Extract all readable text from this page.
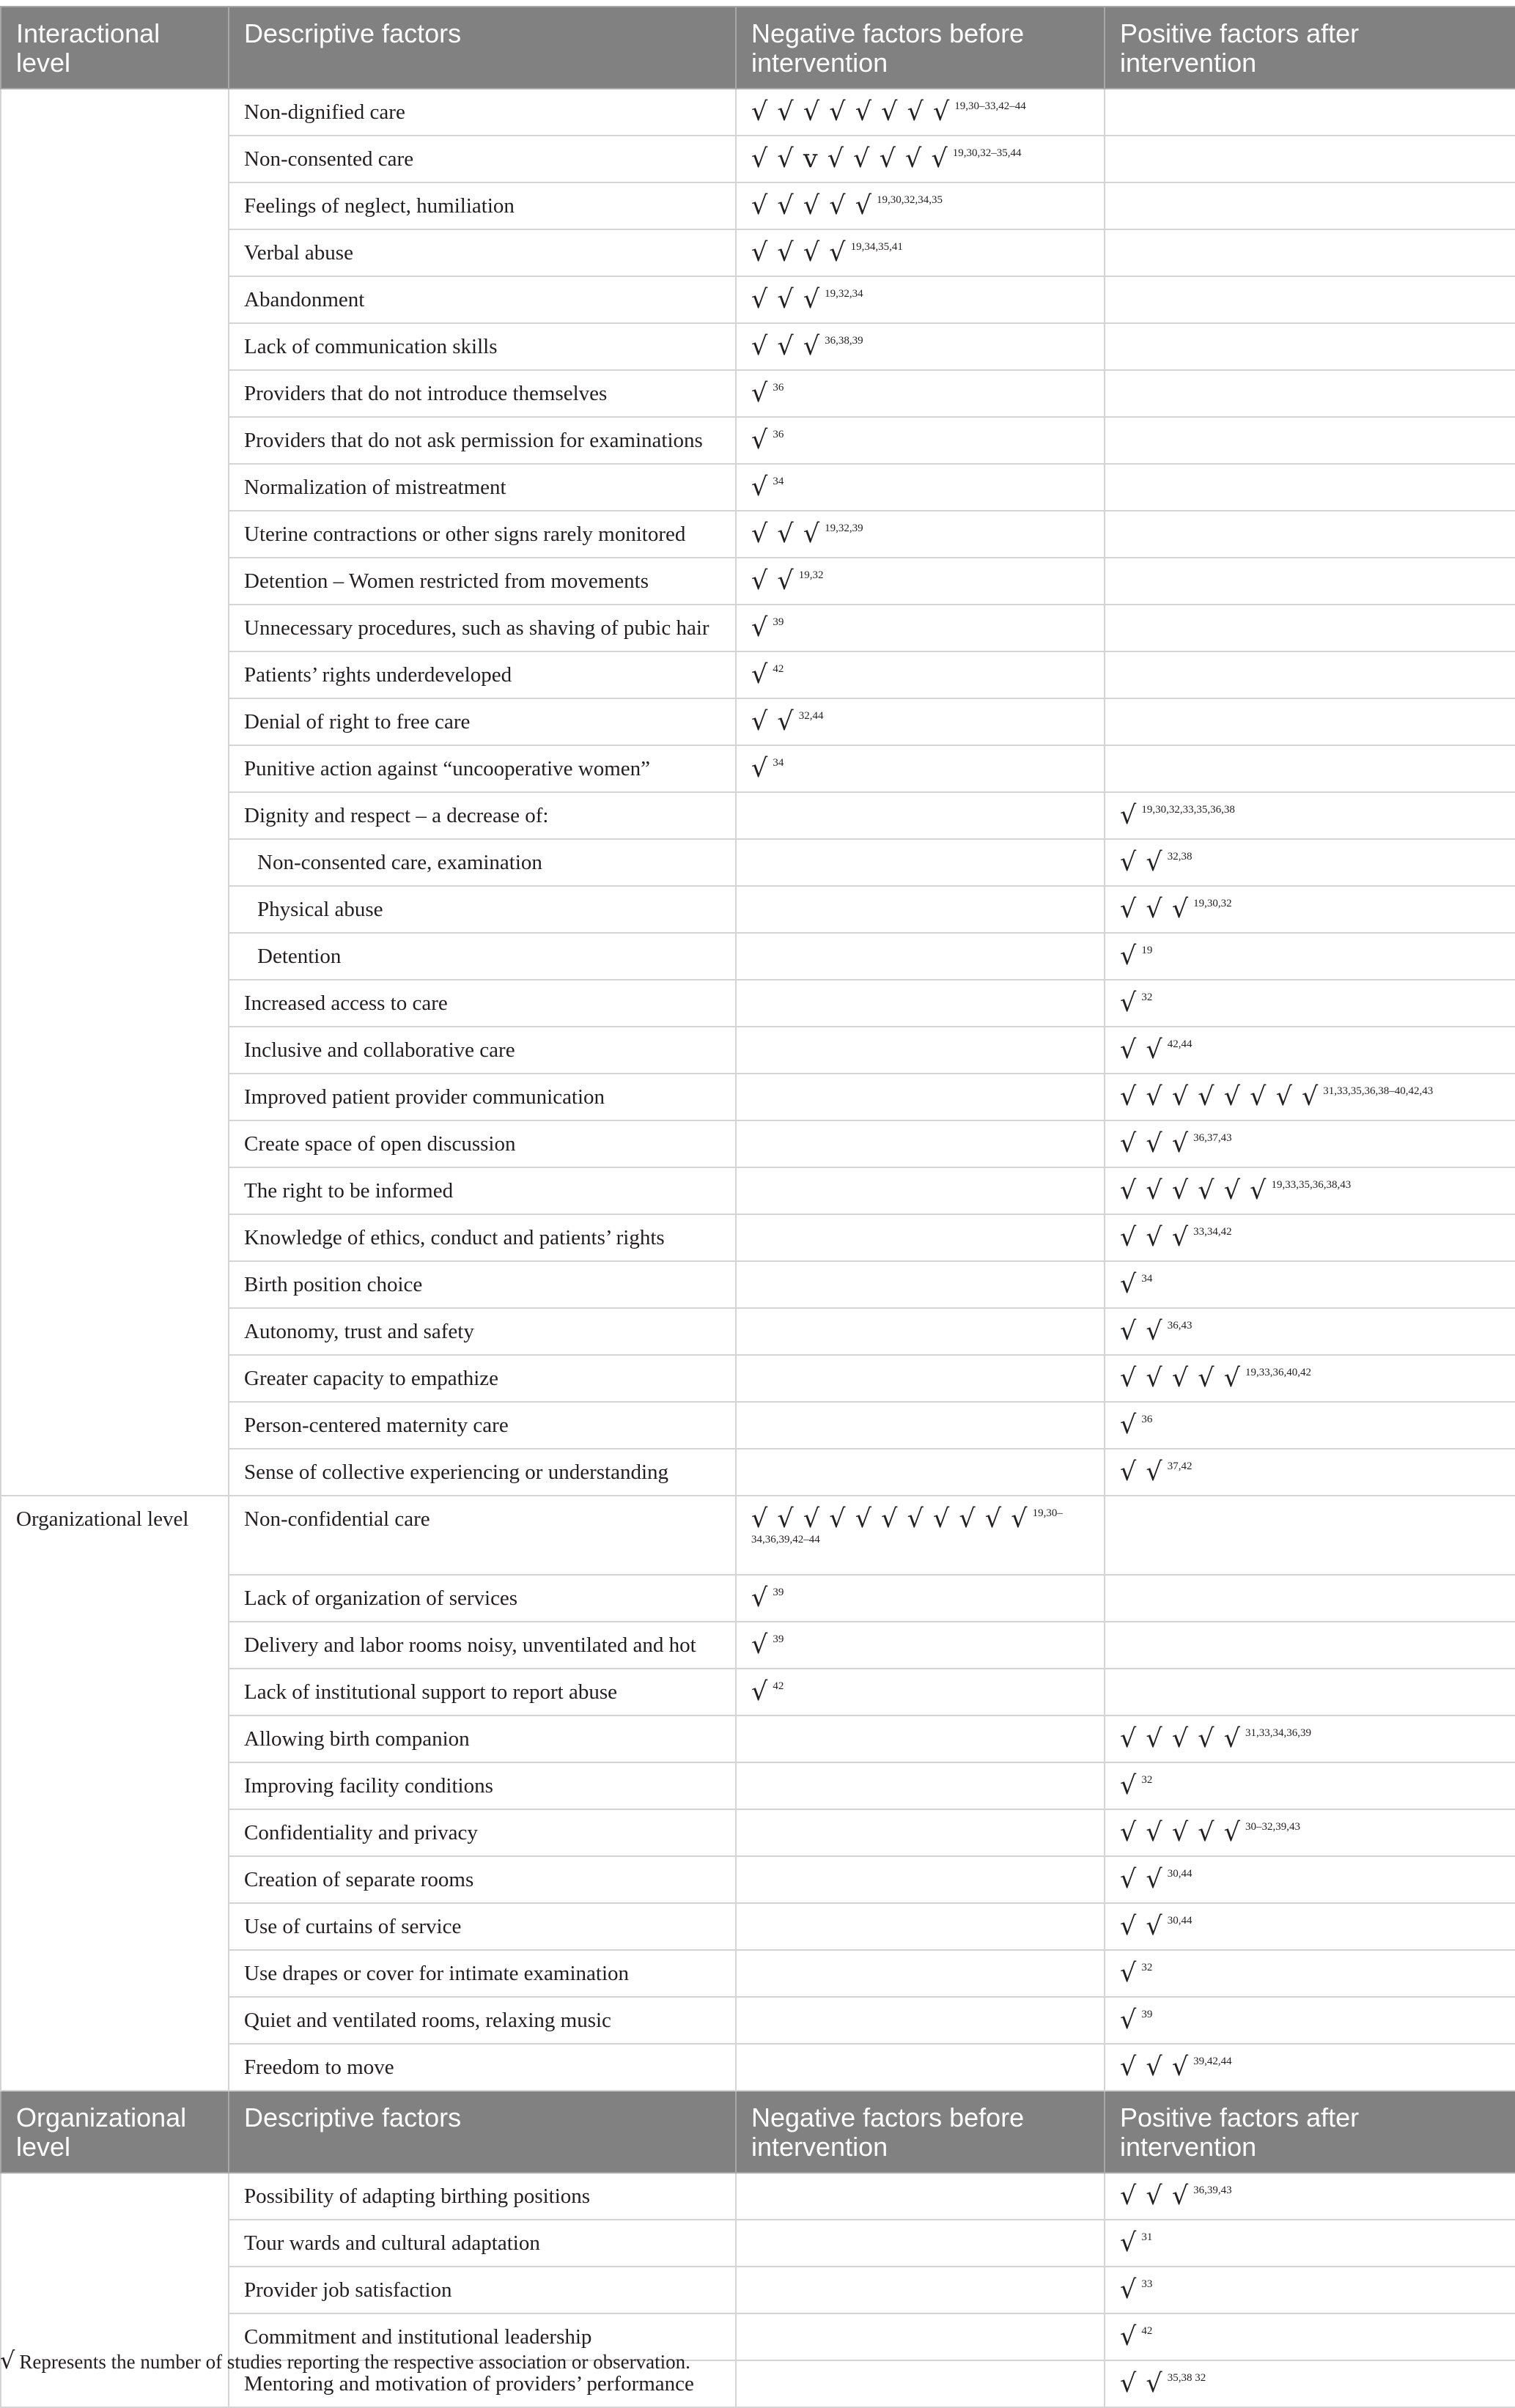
Interactional level	Descriptive factors	Negative factors before intervention	Positive factors after intervention
	Non-dignified care	√ √ √ √ √ √ √ √ $^{19,30-33,42-44}$	
	Non-consented care	√ √ v √ √ √ √ √ $^{19,30,32-35,44}$	
	Feelings of neglect, humiliation	√ √ √ √ √ $^{19,30,32,34,35}$	
	Verbal abuse	√ √ √ √ $^{19,34,35,41}$	
	Abandonment	√ √ √ $^{19,32,34}$	
	Lack of communication skills	√ √ √ $^{36,38,39}$	
	Providers that do not introduce themselves	√ $^{36}$	
	Providers that do not ask permission for examinations	√ $^{36}$	
	Normalization of mistreatment	√ $^{34}$	
	Uterine contractions or other signs rarely monitored	√ √ √ $^{19,32,39}$	
	Detention – Women restricted from movements	√ √ $^{19,32}$	
	Unnecessary procedures, such as shaving of pubic hair	√ $^{39}$	
	Patients’ rights underdeveloped	√ $^{42}$	
	Denial of right to free care	√ √ $^{32,44}$	
	Punitive action against “uncooperative women”	√ $^{34}$	
	Dignity and respect – a decrease of:		√ $^{19,30,32,33,35,36,38}$
	Non-consented care, examination		√ √ $^{32,38}$
	Physical abuse		√ √ √ $^{19,30,32}$
	Detention		√ $^{19}$
	Increased access to care		√ $^{32}$
	Inclusive and collaborative care		√ √ $^{42,44}$
	Improved patient provider communication		√ √ √ √ √ √ √ √ $^{31,33,35,36,38-40,42,43}$
	Create space of open discussion		√ √ √ $^{36,37,43}$
	The right to be informed		√ √ √ √ √ √ $^{19,33,35,36,38,43}$
	Knowledge of ethics, conduct and patients’ rights		√ √ √ $^{33,34,42}$
	Birth position choice		√ $^{34}$
	Autonomy, trust and safety		√ √ $^{36,43}$
	Greater capacity to empathize		√ √ √ √ √ $^{19,33,36,40,42}$
	Person-centered maternity care		√ $^{36}$
	Sense of collective experiencing or understanding		√ √ $^{37,42}$
Organizational level	Non-confidential care	√ √ √ √ √ √ √ √ √ √ √ $^{19,30-34,36,39,42-44}$	
	Lack of organization of services	√ $^{39}$	
	Delivery and labor rooms noisy, unventilated and hot	√ $^{39}$	
	Lack of institutional support to report abuse	√ $^{42}$	
	Allowing birth companion		√ √ √ √ √ $^{31,33,34,36,39}$
	Improving facility conditions		√ $^{32}$
	Confidentiality and privacy		√ √ √ √ √ $^{30-32,39,43}$
	Creation of separate rooms		√ √ $^{30,44}$
	Use of curtains of service		√ √ $^{30,44}$
	Use drapes or cover for intimate examination		√ $^{32}$
	Quiet and ventilated rooms, relaxing music		√ $^{39}$
	Freedom to move		√ √ √ $^{39,42,44}$
Organizational level	Descriptive factors	Negative factors before intervention	Positive factors after intervention
	Possibility of adapting birthing positions		√ √ √ $^{36,39,43}$
	Tour wards and cultural adaptation		√ $^{31}$
	Provider job satisfaction		√ $^{33}$
	Commitment and institutional leadership		√ $^{42}$
	Mentoring and motivation of providers’ performance		√ √ $^{35,38 32}$
√ Represents the number of studies reporting the respective association or observation.
